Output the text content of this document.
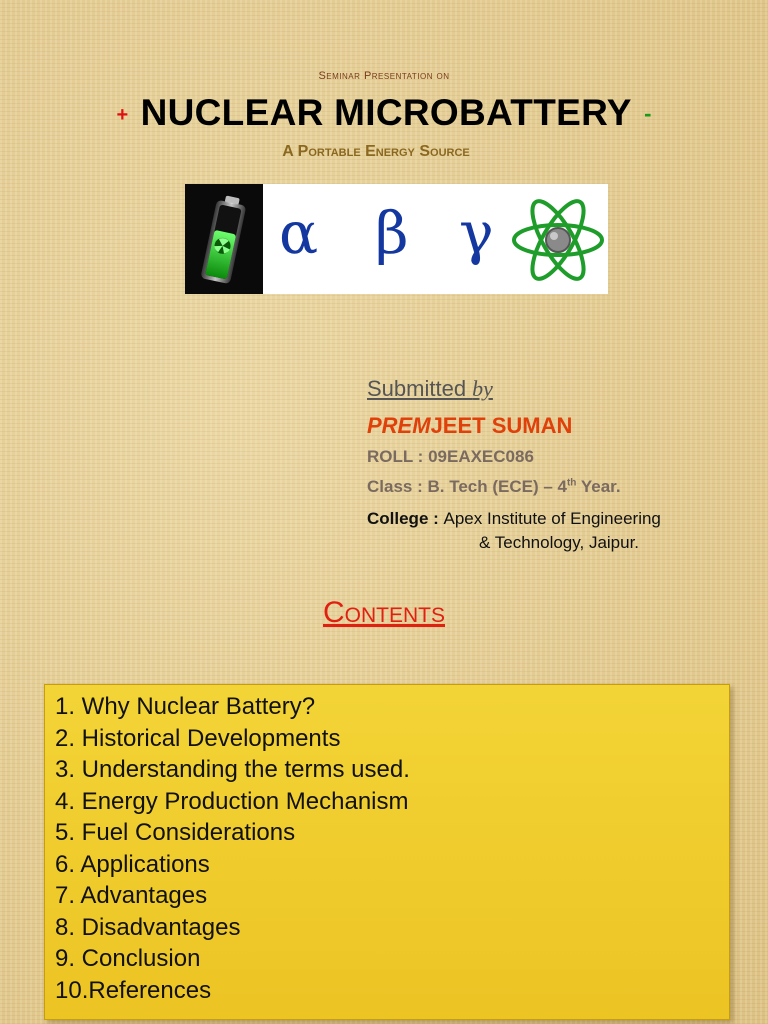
Seminar Presentation on
+ NUCLEAR MICROBATTERY -
A Portable Energy Source
α β γ
Submitted by
PREMJEET SUMAN
ROLL : 09EAXEC086
Class : B. Tech (ECE) – 4th Year.
College : Apex Institute of Engineering
& Technology, Jaipur.
Contents
1. Why Nuclear Battery?
2. Historical Developments
3. Understanding the terms used.
4. Energy Production Mechanism
5. Fuel Considerations
6. Applications
7. Advantages
8. Disadvantages
9. Conclusion
10.References
